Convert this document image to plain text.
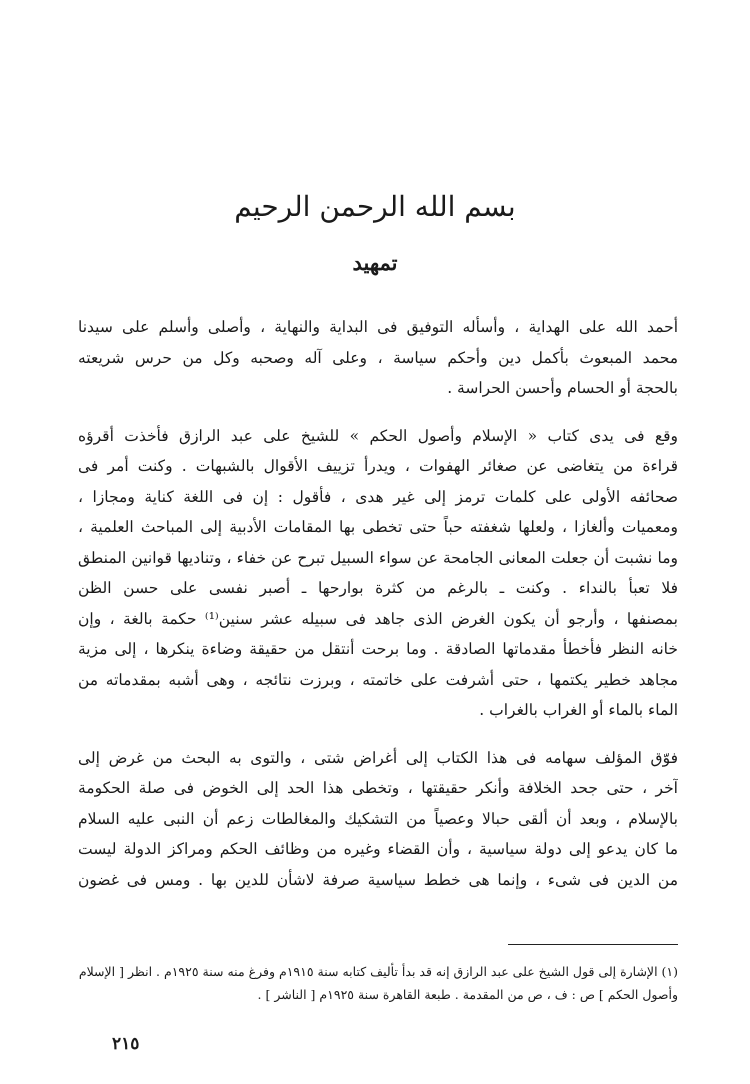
بسم الله الرحمن الرحيم
تمهيد
أحمد الله على الهداية ، وأسأله التوفيق فى البداية والنهاية ، وأصلى وأسلم على سيدنا
محمد المبعوث بأكمل دين وأحكم سياسة ، وعلى آله وصحبه وكل من حرس شريعته
بالحجة أو الحسام وأحسن الحراسة .
وقع فى يدى كتاب « الإسلام وأصول الحكم » للشيخ على عبد الرازق فأخذت أقرؤه
قراءة من يتغاضى عن صغائر الهفوات ، ويدرأ تزييف الأقوال بالشبهات . وكنت أمر فى
صحائفه الأولى على كلمات ترمز إلى غير هدى ، فأقول : إن فى اللغة كناية ومجازا ،
ومعميات وألغازا ، ولعلها شغفته حباً حتى تخطى بها المقامات الأدبية إلى المباحث العلمية ،
وما نشبت أن جعلت المعانى الجامحة عن سواء السبيل تبرح عن خفاء ، وتناديها قوانين المنطق
فلا تعبأ بالنداء . وكنت ـ بالرغم من كثرة بوارحها ـ أصبر نفسى على حسن الظن
بمصنفها ، وأرجو أن يكون الغرض الذى جاهد فى سبيله عشر سنين⁽¹⁾ حكمة بالغة ، وإن
خانه النظر فأخطأ مقدماتها الصادقة . وما برحت أنتقل من حقيقة وضاءة ينكرها ، إلى مزية
مجاهد خطير يكتمها ، حتى أشرفت على خاتمته ، وبرزت نتائجه ، وهى أشبه بمقدماته من
الماء بالماء أو الغراب بالغراب .
فوّق المؤلف سهامه فى هذا الكتاب إلى أغراض شتى ، والتوى به البحث من غرض إلى
آخر ، حتى جحد الخلافة وأنكر حقيقتها ، وتخطى هذا الحد إلى الخوض فى صلة الحكومة
بالإسلام ، وبعد أن ألقى حبالا وعصياً من التشكيك والمغالطات زعم أن النبى عليه السلام
ما كان يدعو إلى دولة سياسية ، وأن القضاء وغيره من وظائف الحكم ومراكز الدولة ليست
من الدين فى شىء ، وإنما هى خطط سياسية صرفة لاشأن للدين بها . ومس فى غضون
(١) الإشارة إلى قول الشيخ على عبد الرازق إنه قد بدأ تأليف كتابه سنة ١٩١٥م وفرغ منه سنة ١٩٢٥م . انظر [ الإسلام
وأصول الحكم ] ص : ف ، ص من المقدمة . طبعة القاهرة سنة ١٩٢٥م [ الناشر ] .
٢١٥
